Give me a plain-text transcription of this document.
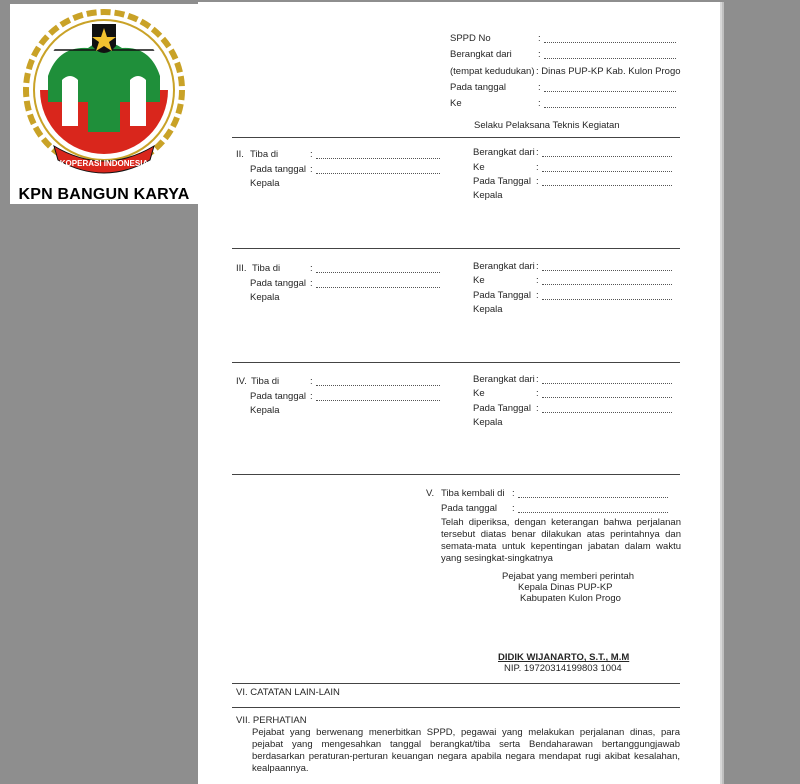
KOPERASI INDONESIA
KPN BANGUN KARYA
SPPD No	:
Berangkat dari	:
(tempat kedudukan) : Dinas PUP-KP Kab. Kulon Progo
Pada tanggal	:
Ke	:
Selaku Pelaksana Teknis Kegiatan
II. Tiba di	:
Pada tanggal :
Kepala
Berangkat dari :
Ke	:
Pada Tanggal :
Kepala
III. Tiba di	:
Pada tanggal :
Kepala
Berangkat dari :
Ke	:
Pada Tanggal :
Kepala
IV. Tiba di	:
Pada tanggal :
Kepala
Berangkat dari :
Ke	:
Pada Tanggal :
Kepala
V. Tiba kembali di :
Pada tanggal :
Telah diperiksa, dengan keterangan bahwa perjalanan tersebut diatas benar dilakukan atas perintahnya dan semata-mata untuk kepentingan jabatan dalam waktu yang sesingkat-singkatnya
Pejabat yang memberi perintah
Kepala Dinas PUP-KP
Kabupaten Kulon Progo
DIDIK WIJANARTO, S.T., M.M
NIP. 19720314199803 1004
VI. CATATAN LAIN-LAIN
VII. PERHATIAN
Pejabat yang berwenang menerbitkan SPPD, pegawai yang melakukan perjalanan dinas, para pejabat yang mengesahkan tanggal berangkat/tiba serta Bendaharawan bertanggungjawab berdasarkan peraturan-perturan keuangan negara apabila negara mendapat rugi akibat kesalahan, kealpaannya.
